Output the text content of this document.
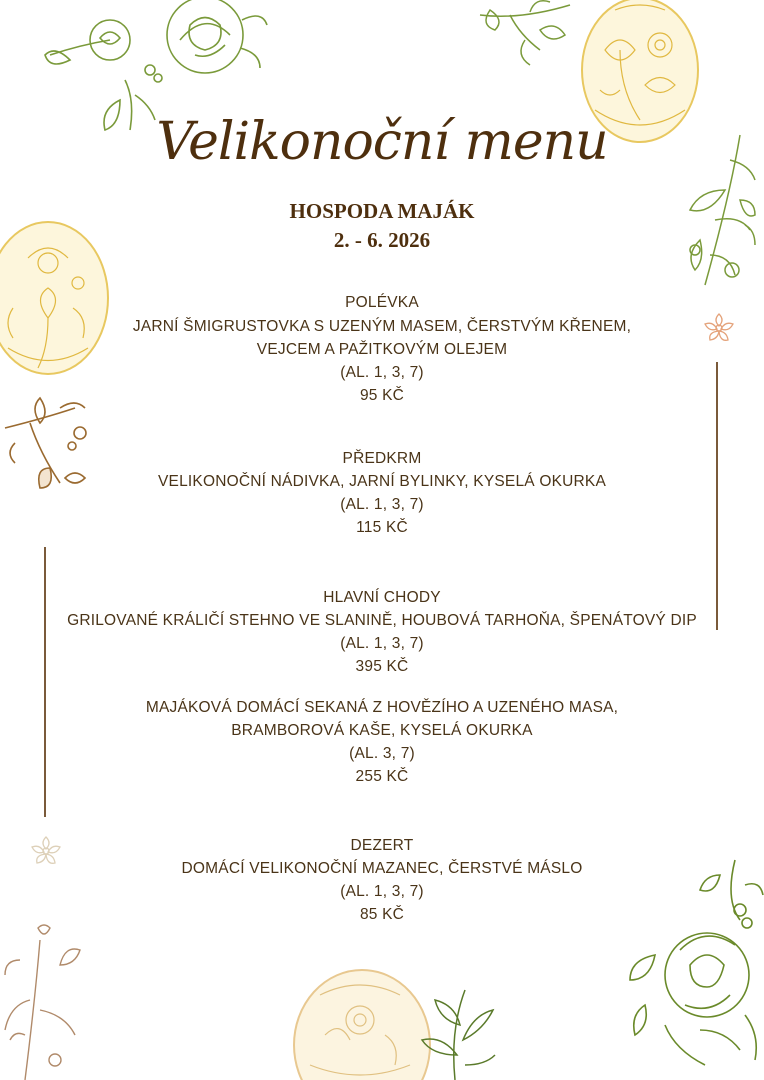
Velikonoční menu
HOSPODA MAJÁK
2. - 6. 2026
POLÉVKA
JARNÍ ŠMIGRUSTOVKA S UZENÝM MASEM, ČERSTVÝM KŘENEM,
VEJCEM A PAŽITKOVÝM OLEJEM
(AL. 1, 3, 7)
95 KČ
PŘEDKRM
VELIKONOČNÍ NÁDIVKA, JARNÍ BYLINKY, KYSELÁ OKURKA
(AL. 1, 3, 7)
115 KČ
HLAVNÍ CHODY
GRILOVANÉ KRÁLIČÍ STEHNO VE SLANINĚ, HOUBOVÁ TARHOŇA, ŠPENÁTOVÝ DIP
(AL. 1, 3, 7)
395 KČ
MAJÁKOVÁ DOMÁCÍ SEKANÁ Z HOVĚZÍHO A UZENÉHO MASA,
BRAMBOROVÁ KAŠE, KYSELÁ OKURKA
(AL. 3, 7)
255 KČ
DEZERT
DOMÁCÍ VELIKONOČNÍ MAZANEC, ČERSTVÉ MÁSLO
(AL. 1, 3, 7)
85 KČ
